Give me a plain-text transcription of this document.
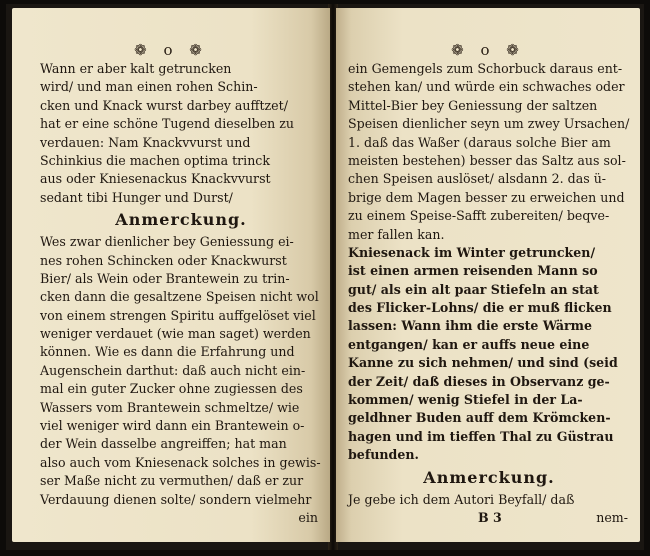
❁ o ❁
Wann er aber kalt getruncken
wird/ und man einen rohen Schin-
cken und Knack wurst darbey aufftzet/
hat er eine schöne Tugend dieselben zu
verdauen: Nam Knackvvurst und
Schinkius die machen optima trinck
aus oder Kniesenackus Knackvvurst
sedant tibi Hunger und Durst/
Anmerckung.
Wes zwar dienlicher bey Geniessung ei-
nes rohen Schincken oder Knackwurst
Bier/ als Wein oder Brantewein zu trin-
cken dann die gesaltzene Speisen nicht wol
von einem strengen Spiritu auffgelöset viel
weniger verdauet (wie man saget) werden
können. Wie es dann die Erfahrung und
Augenschein darthut: daß auch nicht ein-
mal ein guter Zucker ohne zugiessen des
Wassers vom Brantewein schmeltze/ wie
viel weniger wird dann ein Brantewein o-
der Wein dasselbe angreiffen; hat man
also auch vom Kniesenack solches in gewis-
ser Maße nicht zu vermuthen/ daß er zur
Verdauung dienen solte/ sondern vielmehr
ein
❁ o ❁
ein Gemengels zum Schorbuck daraus ent-
stehen kan/ und würde ein schwaches oder
Mittel-Bier bey Geniessung der saltzen
Speisen dienlicher seyn um zwey Ursachen/
1. daß das Waßer (daraus solche Bier am
meisten bestehen) besser das Saltz aus sol-
chen Speisen auslöset/ alsdann 2. das ü-
brige dem Magen besser zu erweichen und
zu einem Speise-Safft zubereiten/ beqve-
mer fallen kan.
Kniesenack im Winter getruncken/
ist einen armen reisenden Mann so
gut/ als ein alt paar Stiefeln an stat
des Flicker-Lohns/ die er muß flicken
lassen: Wann ihm die erste Wärme
entgangen/ kan er auffs neue eine
Kanne zu sich nehmen/ und sind (seid
der Zeit/ daß dieses in Observanz ge-
kommen/ wenig Stiefel in der La-
geldhner Buden auff dem Krömcken-
hagen und im tieffen Thal zu Güstrau
befunden.
Anmerckung.
Je gebe ich dem Autori Beyfall/ daß
B 3	nem-
